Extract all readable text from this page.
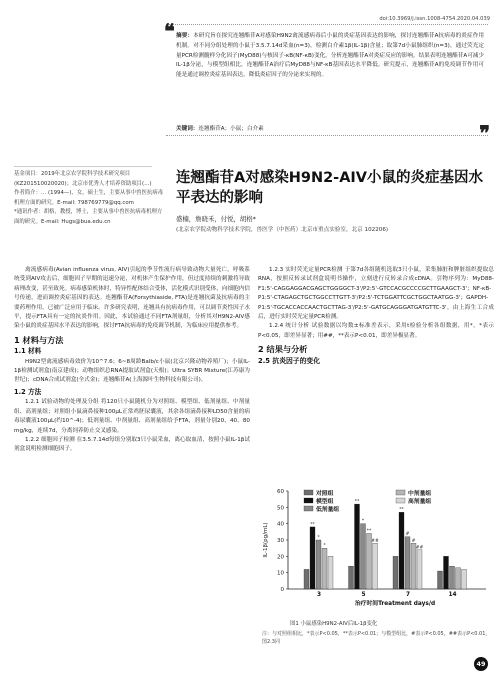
doi:10.3969/j.issn.1008-4754.2020.04.039
❝
❞
摘要：本研究旨在探究连翘酯苷A对感染H9N2禽流感病毒后小鼠的炎症基因表达的影响，探讨连翘酯苷A抗病毒的炎症作用机制。对不同分组处理的小鼠于3.5.7.14d采血(n=3)，检测白介素1β(IL-1β)含量；取第7d小鼠肺组织(n=3)，通过荧光定量PCR检测髓样分化因子(MyD88)与核因子-κB(NF-κB)变化，分析连翘酯苷A对炎症反应的影响。结果表明连翘酯苷A可减少IL-1β分泌，与模型组相比，连翘酯苷A治疗后MyD88与NF-κB基因表达水平降低。研究提示，连翘酯苷A的免疫调节作用可能是通过调控炎症基因表达，降低炎症因子的分泌来实现的。
关键词：连翘酯苷A；小鼠；白介素
基金项目：2019年北京农学院科学技术研究项目(KZ201510020020)；北京市优秀人才培养资助项目(…)
作者简介：… (1994—)，女，硕士生，主要从事中兽医抗病毒机理方面的研究。E-mail: 798769779@qq.com
*通讯作者：胡格，教授，博士，主要从事中兽医抗病毒机理方面的研究。E-mail: Hugs@bua.edu.cn
连翘酯苷A对感染H9N2-AIV小鼠的炎症基因水平表达的影响
盛楠，詹晓禾，付悦，胡格*
(北京农学院动物科学技术学院，兽医学（中医药）北京市重点实验室，北京 102206)

禽流感病毒(Avian influenza virus, AIV)引起的季节性流行病导致动物大量死亡，呼吸系统受到AIV攻击后，细胞因子早期的迅速分泌，对机体产生保护作用，但过度持续的刺激将导致病理改变，甚至致死。病毒感染机体时，特异性配体结合受体，活化模式识别受体，向细胞内信号传递，进而调控炎症基因的表达。连翘酯苷A(Forsythiaside, FTA)是连翘抗菌及抗病毒的主要药理作用，已被广泛应用于临床。许多研究表明，连翘具有抗病毒作用，可以调节炎性因子水平，提示FTA具有一定的抗炎作用。因此，本试验通过不同FTA剂量组，分析其对H9N2-AIV感染小鼠的炎症基因水平表达的影响，探讨FTA抗病毒的免疫调节机制，为临床应用提供参考。

1 材料与方法
1.1 材料

H9N2型禽流感病毒效价为10^7.6；6~8周龄Balb/c小鼠(北京兴隆动物养殖厂)；小鼠IL-1β检测试剂盒(南京建成)；动物组织总RNA提取试剂盒(天根)；Ultra SYBR Mixture(江苏康为世纪)；cDNA合成试剂盒(全式金)；连翘酯苷A(上海源叶生物科技有限公司)。

1.2 方法

1.2.1 试验动物的处理及分组 将120只小鼠随机分为对照组、模型组、低剂量组、中剂量组、高剂量组；对照组小鼠滴鼻接种100μL正常鸡胚尿囊液，其余各组滴鼻接种LD50含量的病毒尿囊液100μL(约10^-4)；低剂量组、中剂量组、高剂量组给予FTA，剂量分别20、40、80 mg/kg，连续7d，分离饲养防止交叉感染。

1.2.2 细胞因子检测 在3.5.7.14d每组分别取3只小鼠采血，离心取血清，按照小鼠IL-1β试剂盒说明检测细胞因子。

1.2.3 实时荧光定量PCR检测 于第7d各组随机选取3只小鼠，采集肺脏和脾脏组织提取总RNA，按照反转录试剂盒说明书操作，立刻进行反转录合成cDNA。引物序列为：MyD88-F1:5'-CAGGAGGACGAGCTGGGGCT-3'/P2:5'-GTCCACGCCCCGCTTGAAGCT-3'；NF-κB-P1:5'-CTAGAGCTGCTGGCCTTGTT-3'/P2:5'-TCTGGATTCGCTGGCTAATGG-3'；GAPDH-P1:5'-TGCACCACCAACTGCTTAG-3'/P2:5'-GATGCAGGGATGATGTTC-3'。由上海生工合成后，进行实时荧光定量PCR检测。

1.2.4 统计分析 试验数据以均数±标准差表示，采用t检验分析各组数据，用*，*表示P<0.05，即差异显著；用##，**表示P<0.01，即差异极显著。

2 结果与分析
2.5 抗炎因子的变化
0
10
20
30
40
50
60
IL-1β(pg/mL)	**
*
*
3
**
*
**
##
5
**
#
#
##
7	14
治疗时间Treatment days/d
对照组
模型组
低剂量组
中剂量组
高剂量组
图1 小鼠感染H9N2-AIV后IL-1β变化
注：与对照组相比，*表示P<0.05，**表示P<0.01；与模型组比，#表示P<0.05，##表示P<0.01，图2.3同
49
